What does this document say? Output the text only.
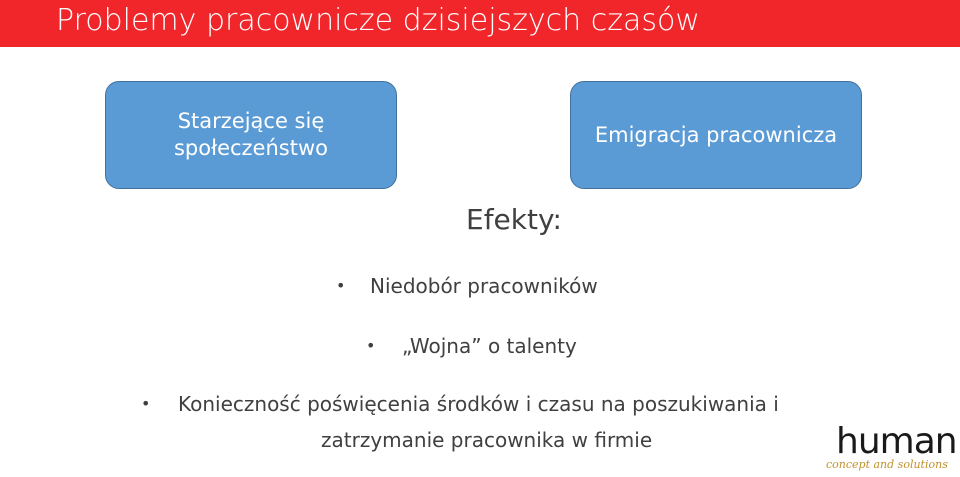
Problemy pracownicze dzisiejszych czasów
Starzejące się
społeczeństwo
Emigracja pracownicza
Efekty:
• Niedobór pracowników
• „Wojna” o talenty
• Konieczność poświęcenia środków i czasu na poszukiwania i
zatrzymanie pracownika w firmie	human
concept and solutions
